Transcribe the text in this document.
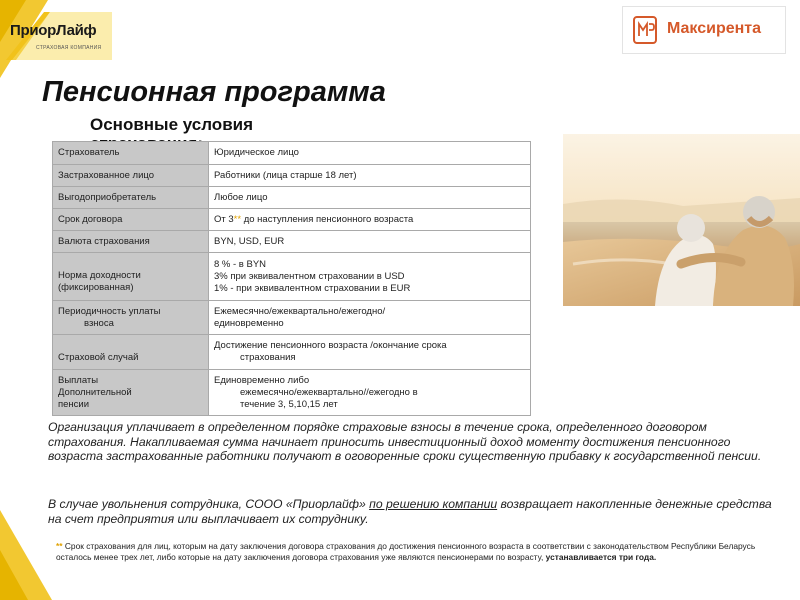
ПриорЛайф
СТРАХОВАЯ КОМПАНИЯ
Максирента
Пенсионная программа
Основные условия
Страхователь	Юридическое лицо
Застрахованное лицо	Работники (лица старше 18 лет)
Выгодоприобретатель	Любое лицо
Срок договора	От 3** до наступления пенсионного возраста
Валюта страхования	BYN, USD, EUR

Норма доходности
(фиксированная)	8 % - в BYN
3% при эквивалентном страховании в USD
1% - при эквивалентном страховании в EUR

Периодичность уплаты
взноса	Ежемесячно/ежеквартально/ежегодно/
единовременно

Страховой случай	Достижение пенсионного возраста /окончание срока
страхования

Выплаты
Дополнительной
пенсии	Единовременно либо
ежемесячно/ежеквартально//ежегодно в
течение 3, 5,10,15 лет
Организация уплачивает в определенном порядке страховые взносы в течение срока, определенного договором страхования. Накапливаемая сумма начинает приносить инвестиционный доход моменту достижения пенсионного возраста застрахованные работники получают в оговоренные сроки существенную прибавку к государственной пенсии.
В случае увольнения сотрудника, СООО «Приорлайф» по решению компании возвращает накопленные денежные средства на счет предприятия или выплачивает их сотруднику.
** Срок страхования для лиц, которым на дату заключения договора страхования до достижения пенсионного возраста в соответствии с законодательством Республики Беларусь осталось менее трех лет, либо которые на дату заключения договора страхования уже являются пенсионерами по возрасту, устанавливается три года.
